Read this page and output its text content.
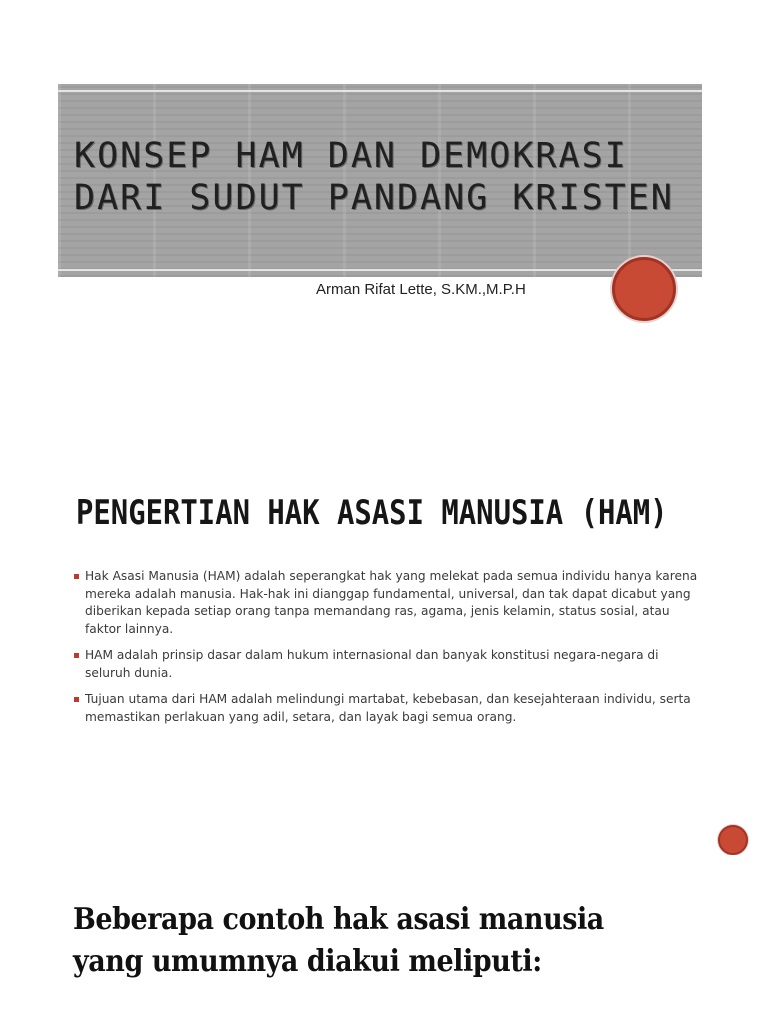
KONSEP HAM DAN DEMOKRASI DARI SUDUT PANDANG KRISTEN

Arman Rifat Lette, S.KM.,M.P.H

PENGERTIAN HAK ASASI MANUSIA (HAM)
Hak Asasi Manusia (HAM) adalah seperangkat hak yang melekat pada semua individu hanya karena mereka adalah manusia. Hak-hak ini dianggap fundamental, universal, dan tak dapat dicabut yang diberikan kepada setiap orang tanpa memandang ras, agama, jenis kelamin, status sosial, atau faktor lainnya.
HAM adalah prinsip dasar dalam hukum internasional dan banyak konstitusi negara-negara di seluruh dunia.
Tujuan utama dari HAM adalah melindungi martabat, kebebasan, dan kesejahteraan individu, serta memastikan perlakuan yang adil, setara, dan layak bagi semua orang.
Beberapa contoh hak asasi manusia yang umumnya diakui meliputi:
